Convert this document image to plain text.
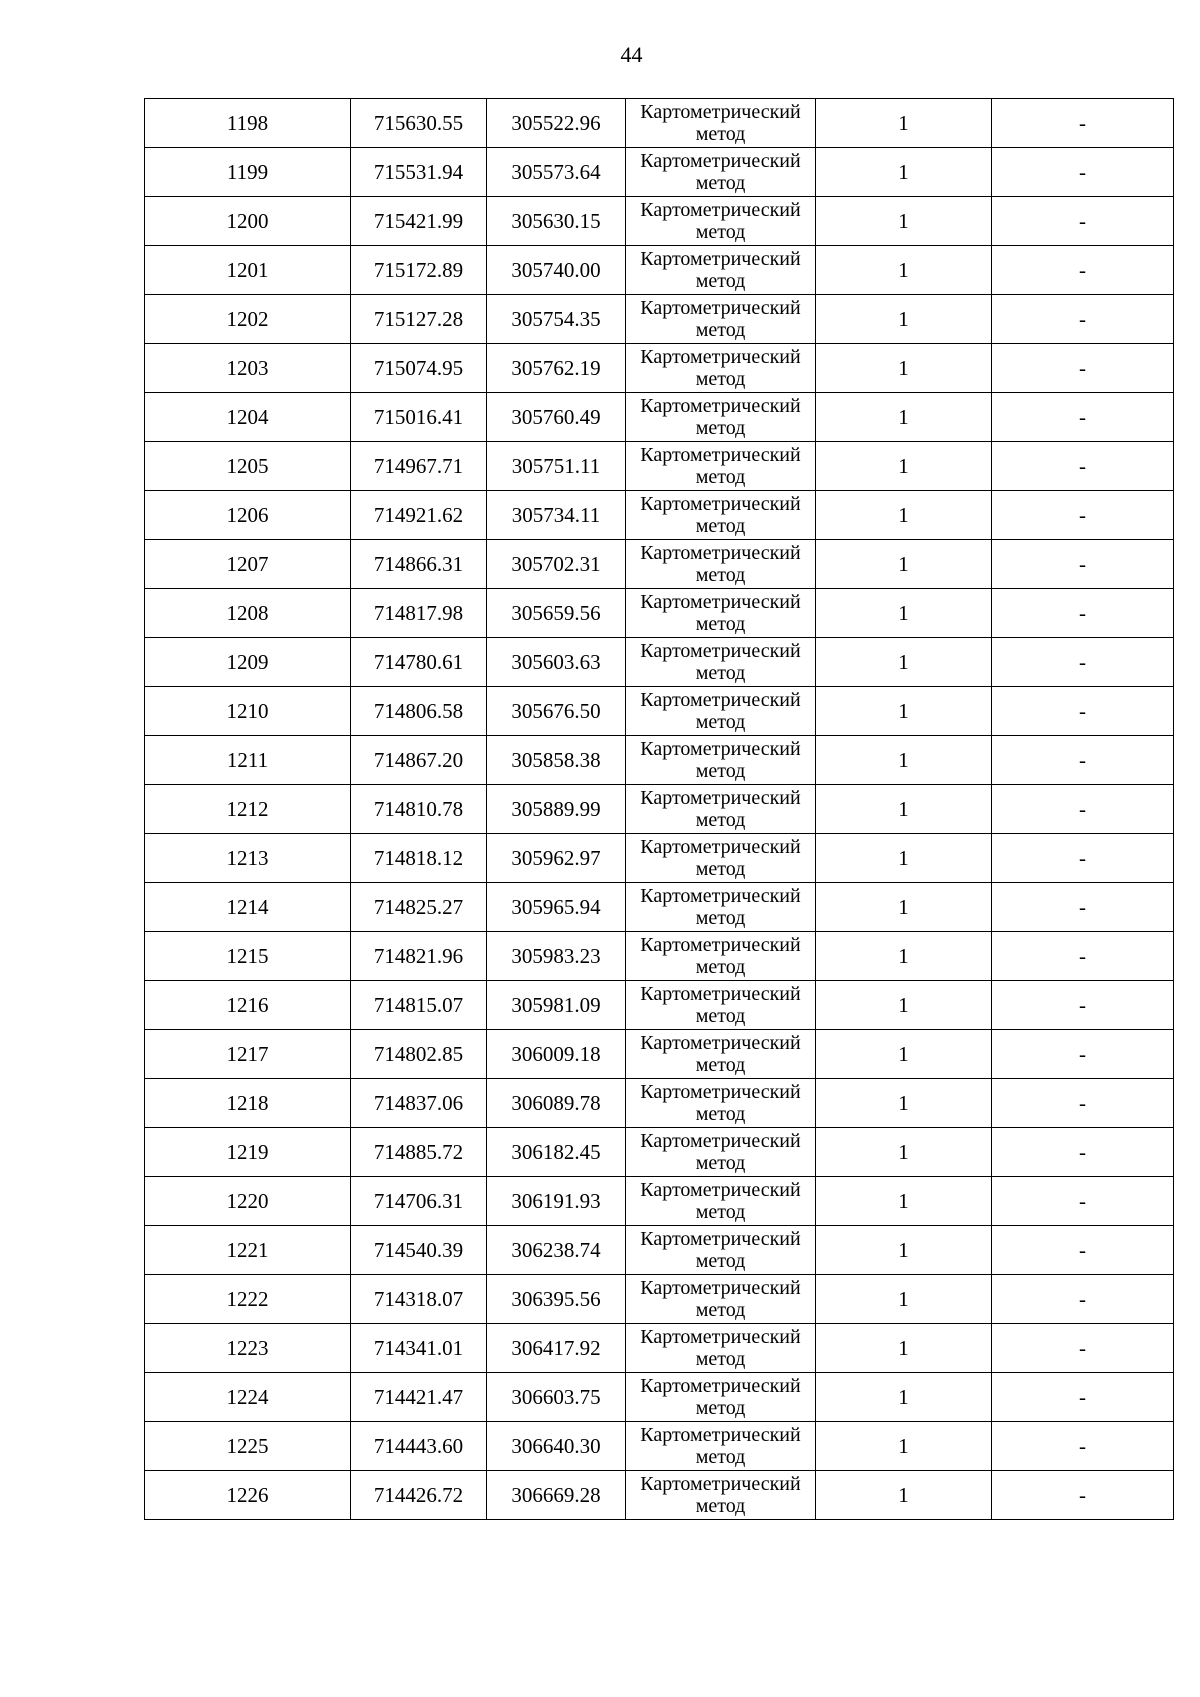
44
1198	715630.55	305522.96	Картометрический метод	1	-
1199	715531.94	305573.64	Картометрический метод	1	-
1200	715421.99	305630.15	Картометрический метод	1	-
1201	715172.89	305740.00	Картометрический метод	1	-
1202	715127.28	305754.35	Картометрический метод	1	-
1203	715074.95	305762.19	Картометрический метод	1	-
1204	715016.41	305760.49	Картометрический метод	1	-
1205	714967.71	305751.11	Картометрический метод	1	-
1206	714921.62	305734.11	Картометрический метод	1	-
1207	714866.31	305702.31	Картометрический метод	1	-
1208	714817.98	305659.56	Картометрический метод	1	-
1209	714780.61	305603.63	Картометрический метод	1	-
1210	714806.58	305676.50	Картометрический метод	1	-
1211	714867.20	305858.38	Картометрический метод	1	-
1212	714810.78	305889.99	Картометрический метод	1	-
1213	714818.12	305962.97	Картометрический метод	1	-
1214	714825.27	305965.94	Картометрический метод	1	-
1215	714821.96	305983.23	Картометрический метод	1	-
1216	714815.07	305981.09	Картометрический метод	1	-
1217	714802.85	306009.18	Картометрический метод	1	-
1218	714837.06	306089.78	Картометрический метод	1	-
1219	714885.72	306182.45	Картометрический метод	1	-
1220	714706.31	306191.93	Картометрический метод	1	-
1221	714540.39	306238.74	Картометрический метод	1	-
1222	714318.07	306395.56	Картометрический метод	1	-
1223	714341.01	306417.92	Картометрический метод	1	-
1224	714421.47	306603.75	Картометрический метод	1	-
1225	714443.60	306640.30	Картометрический метод	1	-
1226	714426.72	306669.28	Картометрический метод	1	-
